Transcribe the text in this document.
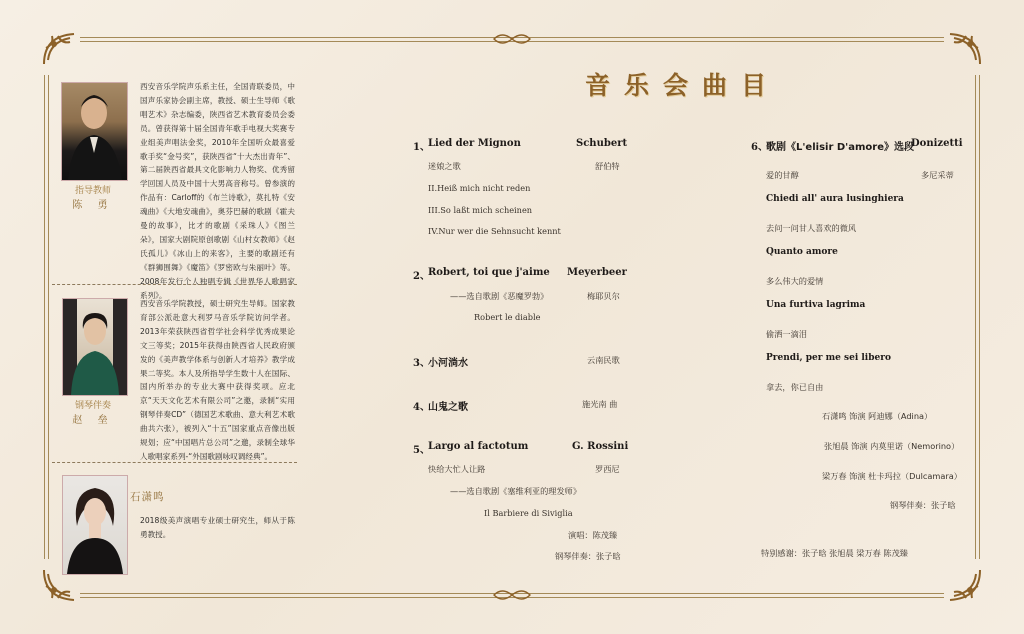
指导教师
陈 勇
西安音乐学院声乐系主任，全国青联委员，中国声乐家协会副主席，教授、硕士生导师《歌唱艺术》杂志编委，陕西省艺术教育委员会委员。曾获得第十届全国青年歌手电视大奖赛专业组美声唱法金奖，2010年全国听众最喜爱歌手奖“金号奖”，获陕西省“十大杰出青年”、第二届陕西省最具文化影响力人物奖、优秀留学回国人员及中国十大男高音称号。曾参演的作品有：Carloff的《布兰诗歌》，莫扎特《安魂曲》《大地安魂曲》，奥芬巴赫的歌剧《霍夫曼的故事》，比才的歌剧《采珠人》《图兰朵》，国家大剧院原创歌剧《山村女教师》《赵氏孤儿》《冰山上的来客》，主要的歌剧还有《群狮围舞》《魔笛》《罗密欧与朱丽叶》等。2008年发行个人独唱专辑《世界华人歌唱家系列》。
钢琴伴奏
赵 垒
西安音乐学院教授，硕士研究生导师。国家教育部公派赴意大利罗马音乐学院访问学者。2013年荣获陕西省哲学社会科学优秀成果论文三等奖；2015年获得由陕西省人民政府颁发的《美声教学体系与创新人才培养》教学成果二等奖。本人及所指导学生数十人在国际、国内所举办的专业大赛中获得奖项。应北京“天天文化艺术有限公司”之邀，录制“实用钢琴伴奏CD”（德国艺术歌曲、意大利艺术歌曲共六张），被列入“十五”国家重点音像出版规划；应“中国唱片总公司”之邀，录制全球华人歌唱家系列-“外国歌剧咏叹调经典”。
石潇鸣
2018级美声演唱专业硕士研究生，师从于陈勇教授。
音乐会曲目
1、
Lied der Mignon	Schubert
迷娘之歌	舒伯特
II.Heiß mich nicht reden
III.So laßt mich scheinen
IV.Nur wer die Sehnsucht kennt
2、
Robert, toi que j'aime Meyerbeer
——选自歌剧《恶魔罗勃》	梅耶贝尔
Robert le diable
3、
小河淌水	云南民歌
4、
山鬼之歌	施光南 曲
5、
Largo al factotum	G. Rossini
快给大忙人让路	罗西尼
——选自歌剧《塞维利亚的理发师》
Il Barbiere di Siviglia
演唱：陈茂臻
钢琴伴奏：张子晗
6、
歌剧《L'elisir D'amore》选段
Donizetti
爱的甘醇	多尼采蒂
Chiedi all' aura lusinghiera
去问一问甘人喜欢的微风
Quanto amore
多么伟大的爱情
Una furtiva lagrima
偷洒一滴泪
Prendi, per me sei libero
拿去，你已自由
石潇鸣 饰演 阿迪娜（Adina）
张旭晨 饰演 内莫里诺（Nemorino）
梁万春 饰演 杜卡玛拉（Dulcamara）
钢琴伴奏：张子晗
特别感谢：张子晗 张旭晨 梁万春 陈茂臻
